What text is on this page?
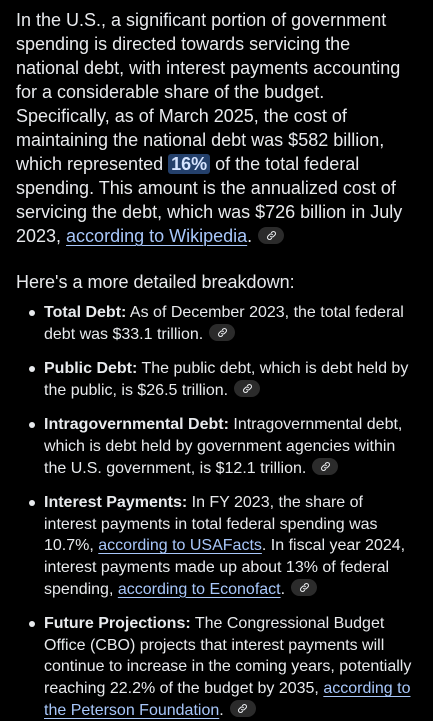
In the U.S., a significant portion of government spending is directed towards servicing the national debt, with interest payments accounting for a considerable share of the budget. Specifically, as of March 2025, the cost of maintaining the national debt was $582 billion, which represented 16% of the total federal spending. This amount is the annualized cost of servicing the debt, which was $726 billion in July 2023, according to Wikipedia.

Here's a more detailed breakdown:
Total Debt: As of December 2023, the total federal debt was $33.1 trillion.
Public Debt: The public debt, which is debt held by the public, is $26.5 trillion.
Intragovernmental Debt: Intragovernmental debt, which is debt held by government agencies within the U.S. government, is $12.1 trillion.
Interest Payments: In FY 2023, the share of interest payments in total federal spending was 10.7%, according to USAFacts. In fiscal year 2024, interest payments made up about 13% of federal spending, according to Econofact.
Future Projections: The Congressional Budget Office (CBO) projects that interest payments will continue to increase in the coming years, potentially reaching 22.2% of the budget by 2035, according to the Peterson Foundation.
